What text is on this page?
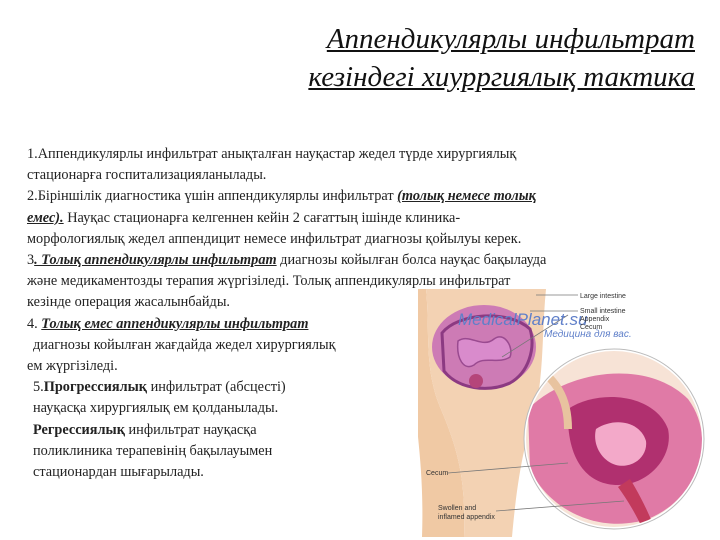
Аппендикулярлы инфильтрат
кезіндегі хиурргиялық тактика
1.Аппендикулярлы инфильтрат анықталған науқастар жедел түрде хирургиялық
стационарға госпитализацияланылады.
2.Біріншілік диагностика үшін аппендикулярлы инфильтрат (толық немесе толық
емес). Науқас стационарға келгеннен кейін 2 сағаттың ішінде клиника-
морфологиялық жедел аппендицит немесе инфильтрат диагнозы қойылуы керек.
3. Толық аппендикулярлы инфильтрат диагнозы койылған болса науқас бақылауда
және медикаментозды терапия жүргізіледі. Толық аппендикулярлы инфильтрат
кезінде операция жасалынбайды.
4. Толық емес аппендикулярлы инфильтрат
диагнозы койылған жағдайда жедел хирургиялық
ем жүргізіледі.
5.Прогрессиялық инфильтрат (абсцесті)
науқасқа хирургиялық ем қолданылады.
Регрессиялық инфильтрат науқасқа
поликлиника терапевінің бақылауымен
стационардан шығарылады.
MedicalPlanet.su
Медицина для вас.
Large intestine
Small intestine
Appendix
Cecum
Cecum
Swollen and
inflamed appendix
